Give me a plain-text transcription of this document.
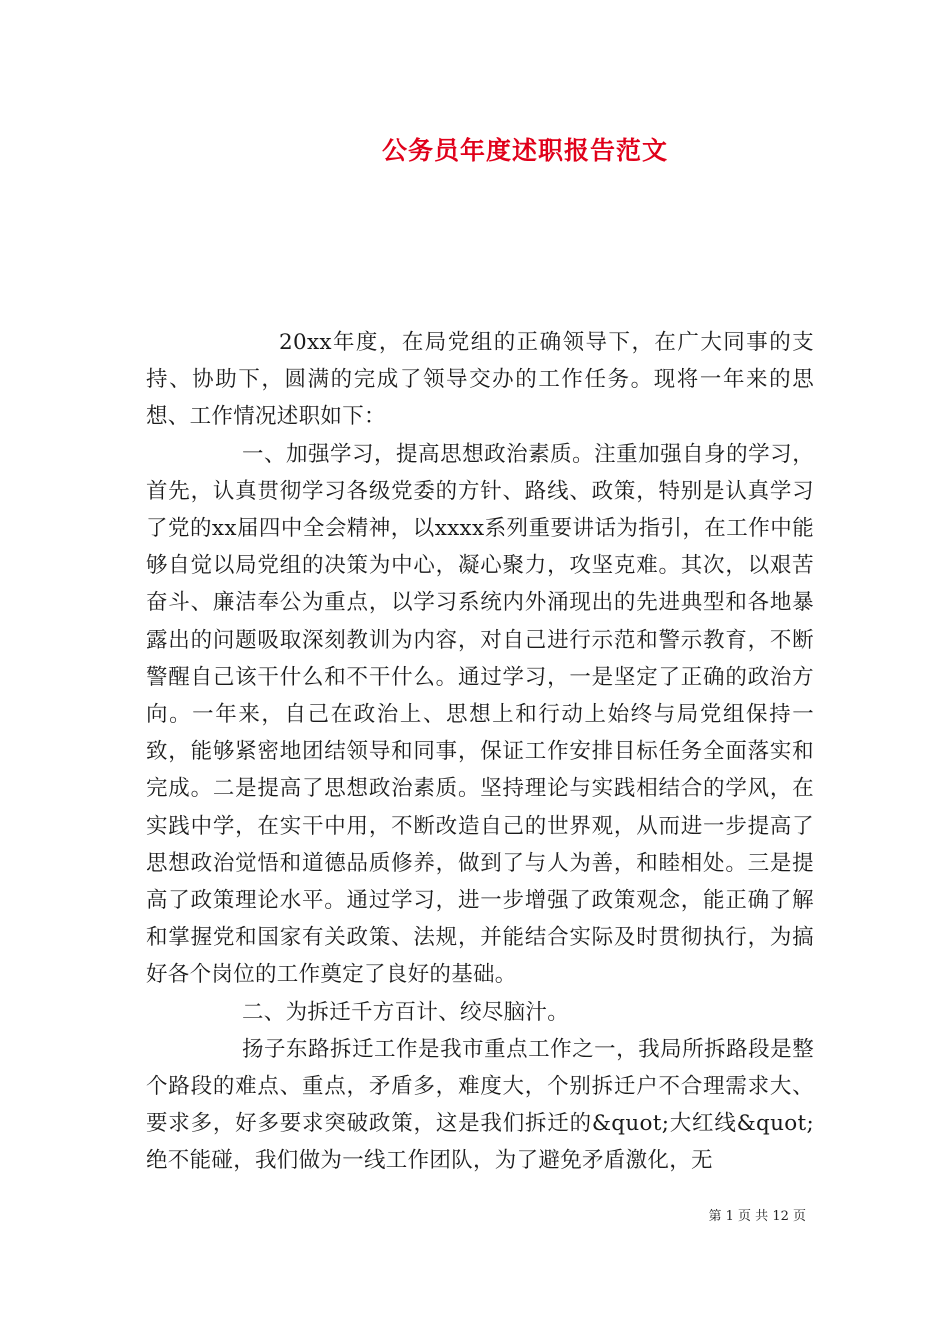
公务员年度述职报告范文

20xx年度，在局党组的正确领导下，在广大同事的支持、协助下，圆满的完成了领导交办的工作任务。现将一年来的思想、工作情况述职如下：

一、加强学习，提高思想政治素质。注重加强自身的学习，首先，认真贯彻学习各级党委的方针、路线、政策，特别是认真学习了党的xx届四中全会精神，以xxxx系列重要讲话为指引，在工作中能够自觉以局党组的决策为中心，凝心聚力，攻坚克难。其次，以艰苦奋斗、廉洁奉公为重点，以学习系统内外涌现出的先进典型和各地暴露出的问题吸取深刻教训为内容，对自己进行示范和警示教育，不断警醒自己该干什么和不干什么。通过学习，一是坚定了正确的政治方向。一年来，自己在政治上、思想上和行动上始终与局党组保持一致，能够紧密地团结领导和同事，保证工作安排目标任务全面落实和完成。二是提高了思想政治素质。坚持理论与实践相结合的学风，在实践中学，在实干中用，不断改造自己的世界观，从而进一步提高了思想政治觉悟和道德品质修养，做到了与人为善，和睦相处。三是提高了政策理论水平。通过学习，进一步增强了政策观念，能正确了解和掌握党和国家有关政策、法规，并能结合实际及时贯彻执行，为搞好各个岗位的工作奠定了良好的基础。

二、为拆迁千方百计、绞尽脑汁。

扬子东路拆迁工作是我市重点工作之一，我局所拆路段是整个路段的难点、重点，矛盾多，难度大，个别拆迁户不合理需求大、要求多，好多要求突破政策，这是我们拆迁的&quot;大红线&quot;绝不能碰，我们做为一线工作团队，为了避免矛盾激化，无

第 1 页 共 12 页
